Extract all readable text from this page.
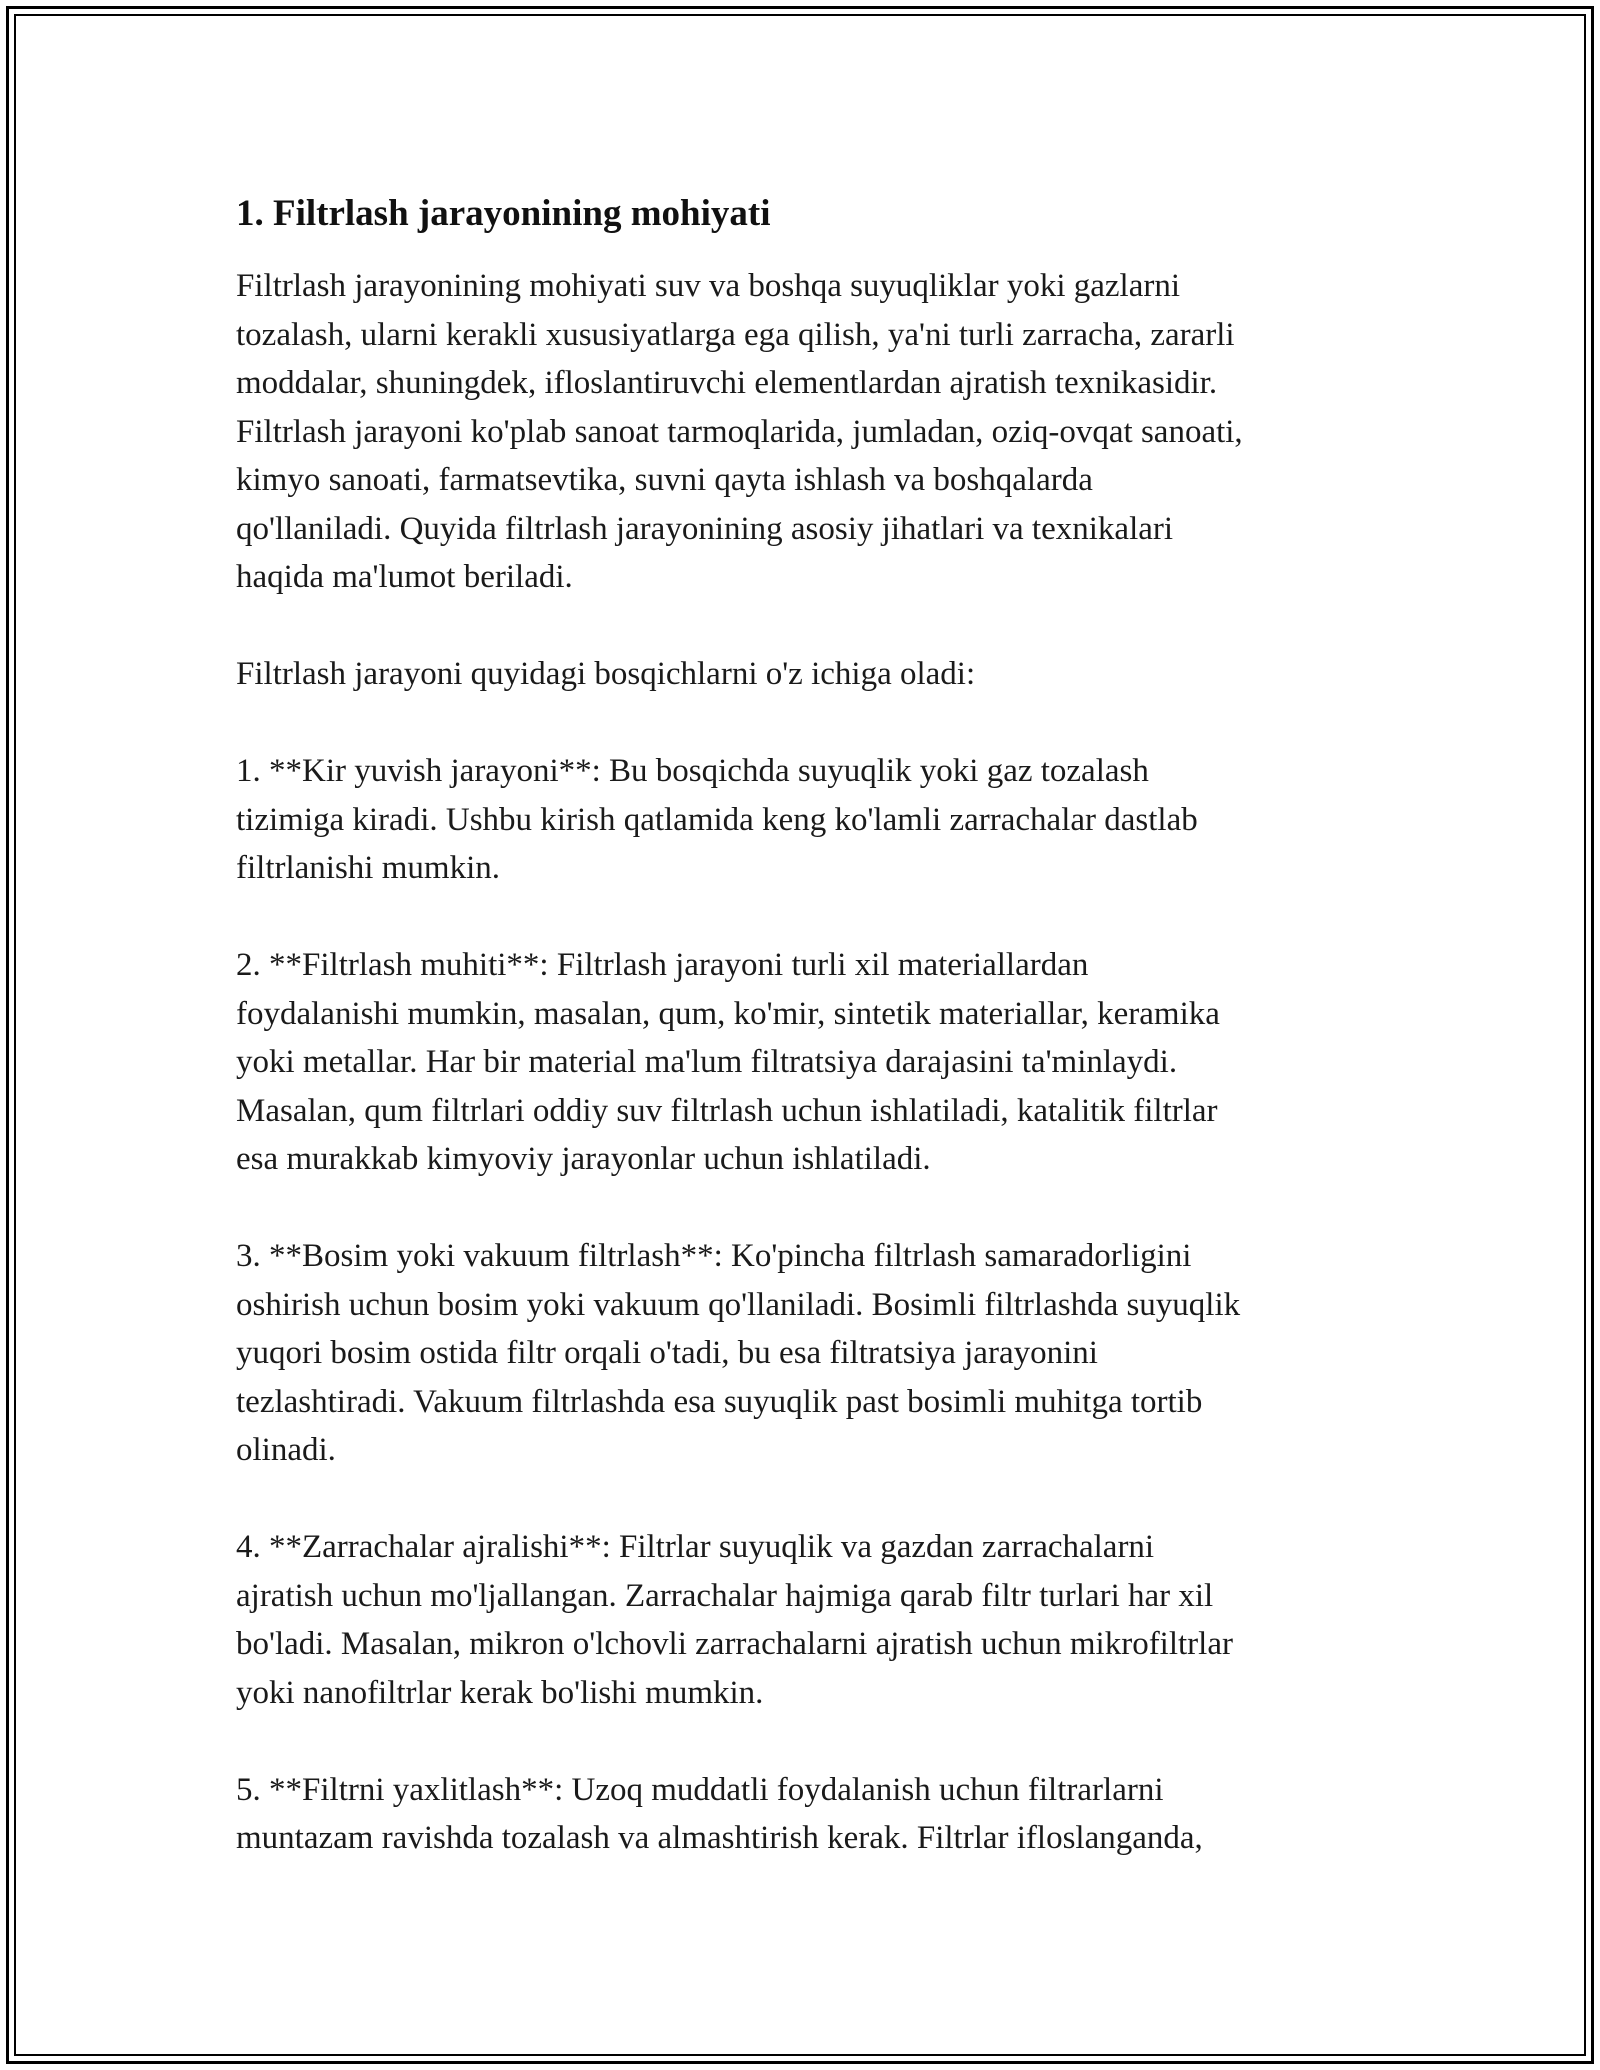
1. Filtrlash jarayonining mohiyati

Filtrlash jarayonining mohiyati suv va boshqa suyuqliklar yoki gazlarni
tozalash, ularni kerakli xususiyatlarga ega qilish, ya'ni turli zarracha, zararli
moddalar, shuningdek, ifloslantiruvchi elementlardan ajratish texnikasidir.
Filtrlash jarayoni ko'plab sanoat tarmoqlarida, jumladan, oziq-ovqat sanoati,
kimyo sanoati, farmatsevtika, suvni qayta ishlash va boshqalarda
qo'llaniladi. Quyida filtrlash jarayonining asosiy jihatlari va texnikalari
haqida ma'lumot beriladi.

Filtrlash jarayoni quyidagi bosqichlarni o'z ichiga oladi:

1. **Kir yuvish jarayoni**: Bu bosqichda suyuqlik yoki gaz tozalash
tizimiga kiradi. Ushbu kirish qatlamida keng ko'lamli zarrachalar dastlab
filtrlanishi mumkin.

2. **Filtrlash muhiti**: Filtrlash jarayoni turli xil materiallardan
foydalanishi mumkin, masalan, qum, ko'mir, sintetik materiallar, keramika
yoki metallar. Har bir material ma'lum filtratsiya darajasini ta'minlaydi.
Masalan, qum filtrlari oddiy suv filtrlash uchun ishlatiladi, katalitik filtrlar
esa murakkab kimyoviy jarayonlar uchun ishlatiladi.

3. **Bosim yoki vakuum filtrlash**: Ko'pincha filtrlash samaradorligini
oshirish uchun bosim yoki vakuum qo'llaniladi. Bosimli filtrlashda suyuqlik
yuqori bosim ostida filtr orqali o'tadi, bu esa filtratsiya jarayonini
tezlashtiradi. Vakuum filtrlashda esa suyuqlik past bosimli muhitga tortib
olinadi.

4. **Zarrachalar ajralishi**: Filtrlar suyuqlik va gazdan zarrachalarni
ajratish uchun mo'ljallangan. Zarrachalar hajmiga qarab filtr turlari har xil
bo'ladi. Masalan, mikron o'lchovli zarrachalarni ajratish uchun mikrofiltrlar
yoki nanofiltrlar kerak bo'lishi mumkin.

5. **Filtrni yaxlitlash**: Uzoq muddatli foydalanish uchun filtrarlarni
muntazam ravishda tozalash va almashtirish kerak. Filtrlar ifloslanganda,
